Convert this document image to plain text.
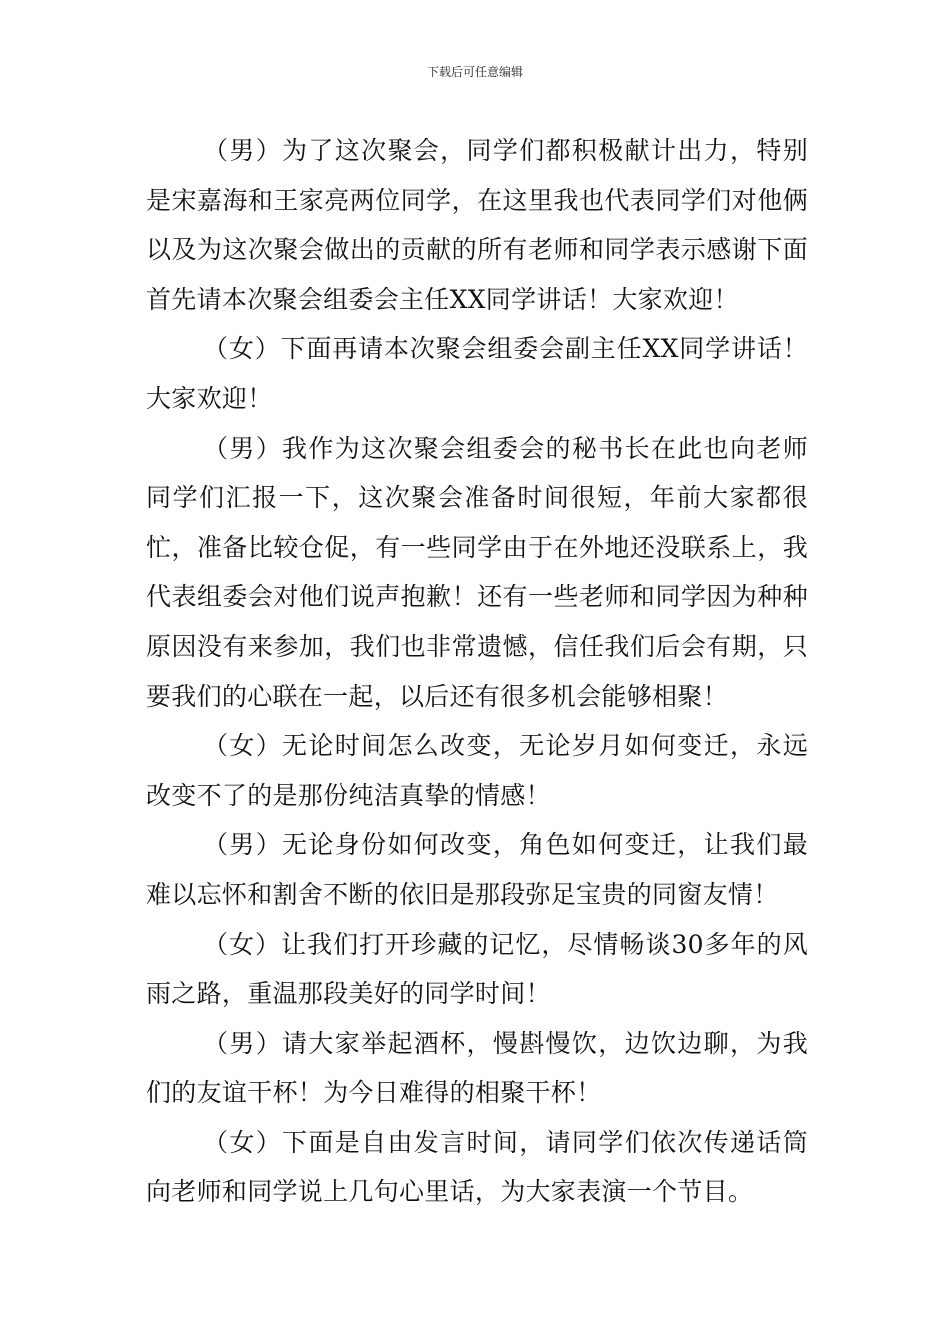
下载后可任意编辑

（男）为了这次聚会，同学们都积极献计出力，特别是宋嘉海和王家亮两位同学，在这里我也代表同学们对他俩以及为这次聚会做出的贡献的所有老师和同学表示感谢下面首先请本次聚会组委会主任XX同学讲话！大家欢迎！

（女）下面再请本次聚会组委会副主任XX同学讲话！大家欢迎！

（男）我作为这次聚会组委会的秘书长在此也向老师同学们汇报一下，这次聚会准备时间很短，年前大家都很忙，准备比较仓促，有一些同学由于在外地还没联系上，我代表组委会对他们说声抱歉！还有一些老师和同学因为种种原因没有来参加，我们也非常遗憾，信任我们后会有期，只要我们的心联在一起，以后还有很多机会能够相聚！

（女）无论时间怎么改变，无论岁月如何变迁，永远改变不了的是那份纯洁真挚的情感！

（男）无论身份如何改变，角色如何变迁，让我们最难以忘怀和割舍不断的依旧是那段弥足宝贵的同窗友情！

（女）让我们打开珍藏的记忆，尽情畅谈30多年的风雨之路，重温那段美好的同学时间！

（男）请大家举起酒杯，慢斟慢饮，边饮边聊，为我们的友谊干杯！为今日难得的相聚干杯！

（女）下面是自由发言时间，请同学们依次传递话筒向老师和同学说上几句心里话，为大家表演一个节目。
